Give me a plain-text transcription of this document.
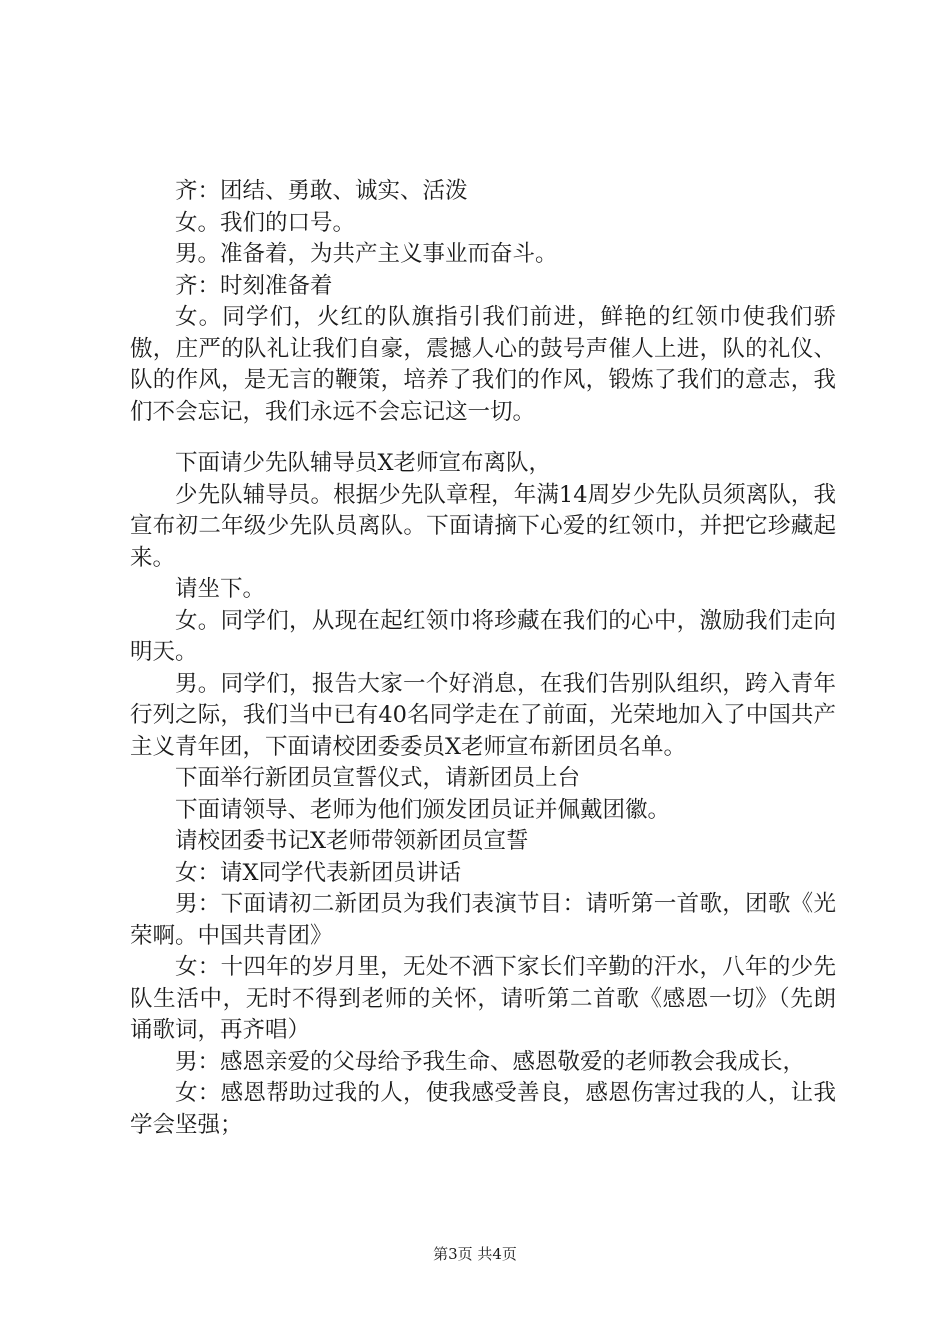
齐：团结、勇敢、诚实、活泼

女。我们的口号。

男。准备着，为共产主义事业而奋斗。

齐：时刻准备着

女。同学们，火红的队旗指引我们前进，鲜艳的红领巾使我们骄傲，庄严的队礼让我们自豪，震撼人心的鼓号声催人上进，队的礼仪、队的作风，是无言的鞭策，培养了我们的作风，锻炼了我们的意志，我们不会忘记，我们永远不会忘记这一切。

下面请少先队辅导员X老师宣布离队，

少先队辅导员。根据少先队章程，年满14周岁少先队员须离队，我宣布初二年级少先队员离队。下面请摘下心爱的红领巾，并把它珍藏起来。

请坐下。

女。同学们，从现在起红领巾将珍藏在我们的心中，激励我们走向明天。

男。同学们，报告大家一个好消息，在我们告别队组织，跨入青年行列之际，我们当中已有40名同学走在了前面，光荣地加入了中国共产主义青年团，下面请校团委委员X老师宣布新团员名单。

下面举行新团员宣誓仪式，请新团员上台

下面请领导、老师为他们颁发团员证并佩戴团徽。

请校团委书记X老师带领新团员宣誓

女：请X同学代表新团员讲话

男：下面请初二新团员为我们表演节目：请听第一首歌，团歌《光荣啊。中国共青团》

女：十四年的岁月里，无处不洒下家长们辛勤的汗水，八年的少先队生活中，无时不得到老师的关怀，请听第二首歌《感恩一切》（先朗诵歌词，再齐唱）

男：感恩亲爱的父母给予我生命、感恩敬爱的老师教会我成长，

女：感恩帮助过我的人，使我感受善良，感恩伤害过我的人，让我学会坚强；

第3页 共4页
